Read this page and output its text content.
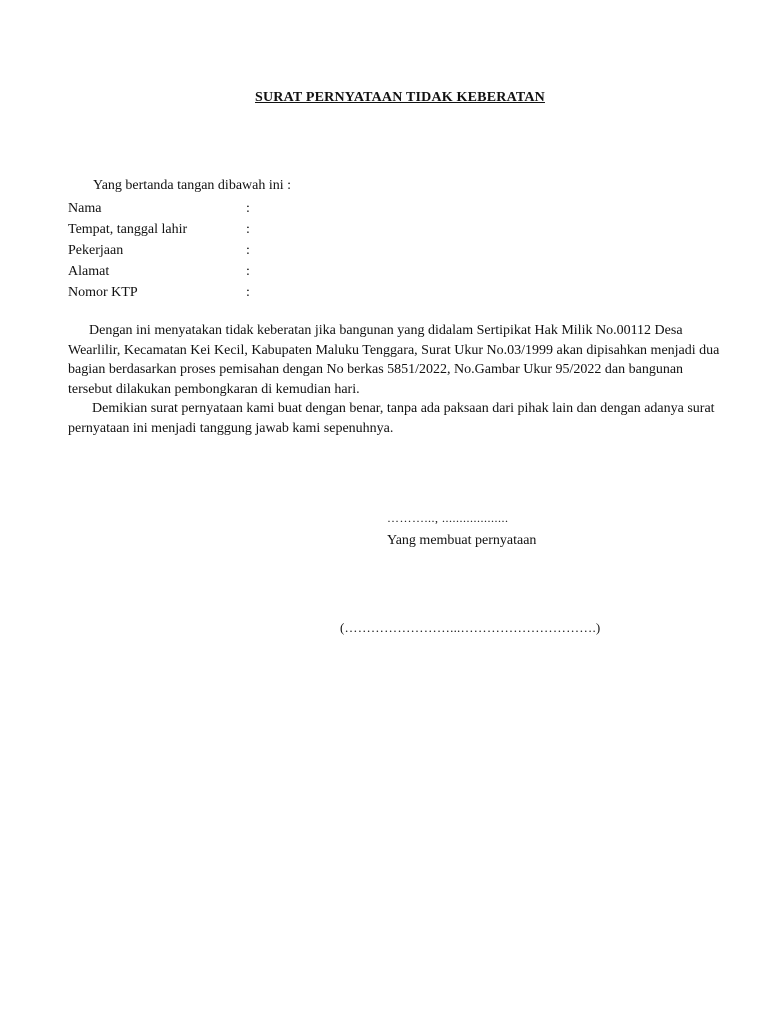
SURAT PERNYATAAN TIDAK KEBERATAN
Yang bertanda tangan dibawah ini :
Nama	:
Tempat, tanggal lahir	:
Pekerjaan	:
Alamat	:
Nomor KTP	:

Dengan ini menyatakan tidak keberatan jika bangunan yang didalam Sertipikat Hak Milik No.00112 Desa Wearlilir, Kecamatan Kei Kecil, Kabupaten Maluku Tenggara, Surat Ukur No.03/1999 akan dipisahkan menjadi dua bagian berdasarkan proses pemisahan dengan No berkas 5851/2022, No.Gambar Ukur 95/2022 dan bangunan tersebut dilakukan pembongkaran di kemudian hari.

Demikian surat pernyataan kami buat dengan benar, tanpa ada paksaan dari pihak lain dan dengan adanya surat pernyataan ini menjadi tanggung jawab kami sepenuhnya.

………..., ...................
Yang membuat pernyataan
(……………………...………………………….)
